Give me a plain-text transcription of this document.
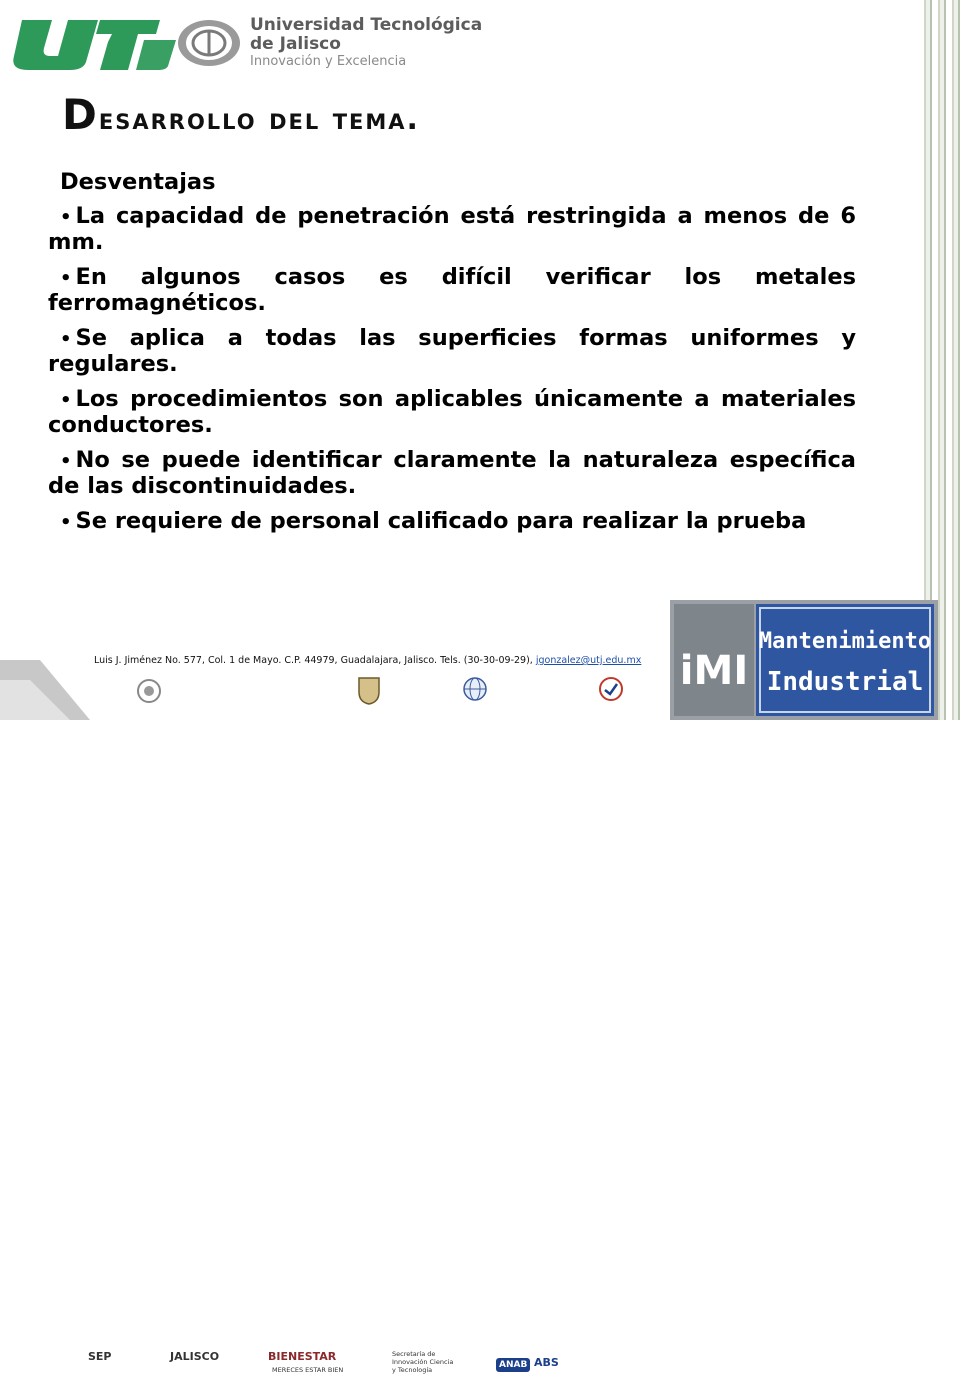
Universidad Tecnológica
de Jalisco
Innovación y Excelencia
Desarrollo del tema.
Desventajas
• La capacidad de penetración está restringida a menos de 6 mm.
• En algunos casos es difícil verificar los metales ferromagnéticos.
• Se aplica a todas las superficies formas uniformes y regulares.
• Los procedimientos son aplicables únicamente a materiales conductores.
• No se puede identificar claramente la naturaleza específica de las discontinuidades.
• Se requiere de personal calificado para realizar la prueba
Luis J. Jiménez No. 577, Col. 1 de Mayo. C.P. 44979, Guadalajara, Jalisco. Tels. (30-30-09-29), jgonzalez@utj.edu.mx
SEP	JALISCO	BIENESTAR
MERECES ESTAR BIEN
Secretaría de Innovación Ciencia y Tecnología	ANAB ABS
iMI
Mantenimiento
Industrial
